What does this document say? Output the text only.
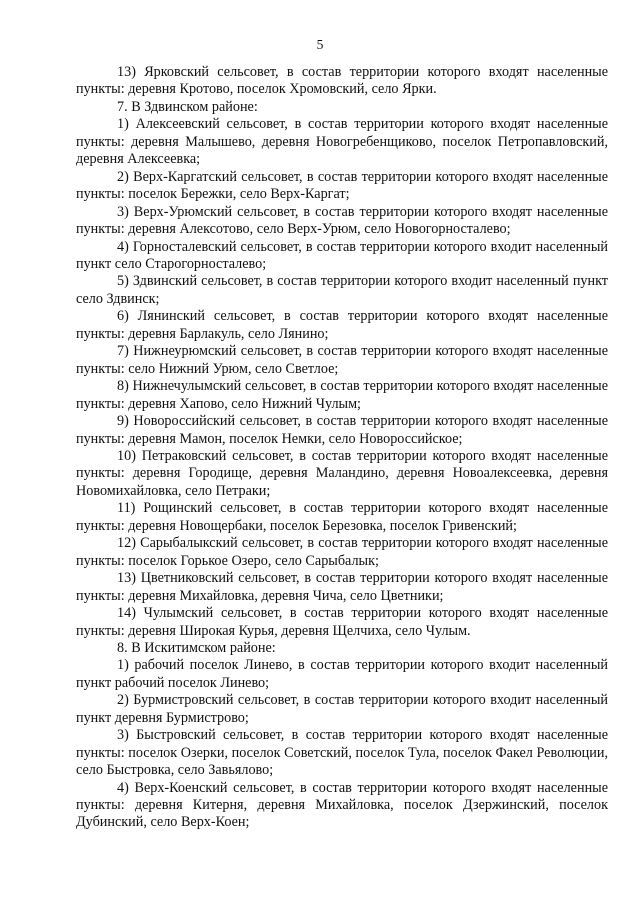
5

13) Ярковский сельсовет, в состав территории которого входят населенные пункты: деревня Кротово, поселок Хромовский, село Ярки.

7. В Здвинском районе:

1) Алексеевский сельсовет, в состав территории которого входят населенные пункты: деревня Малышево, деревня Новогребенщиково, поселок Петропавловский, деревня Алексеевка;

2) Верх-Каргатский сельсовет, в состав территории которого входят населенные пункты: поселок Бережки, село Верх-Каргат;

3) Верх-Урюмский сельсовет, в состав территории которого входят населенные пункты: деревня Алексотово, село Верх-Урюм, село Новогорносталево;

4) Горносталевский сельсовет, в состав территории которого входит населенный пункт село Старогорносталево;

5) Здвинский сельсовет, в состав территории которого входит населенный пункт село Здвинск;

6) Лянинский сельсовет, в состав территории которого входят населенные пункты: деревня Барлакуль, село Лянино;

7) Нижнеурюмский сельсовет, в состав территории которого входят населенные пункты: село Нижний Урюм, село Светлое;

8) Нижнечулымский сельсовет, в состав территории которого входят населенные пункты: деревня Хапово, село Нижний Чулым;

9) Новороссийский сельсовет, в состав территории которого входят населенные пункты: деревня Мамон, поселок Немки, село Новороссийское;

10) Петраковский сельсовет, в состав территории которого входят населенные пункты: деревня Городище, деревня Маландино, деревня Новоалексеевка, деревня Новомихайловка, село Петраки;

11) Рощинский сельсовет, в состав территории которого входят населенные пункты: деревня Новощербаки, поселок Березовка, поселок Гривенский;

12) Сарыбалыкский сельсовет, в состав территории которого входят населенные пункты: поселок Горькое Озеро, село Сарыбалык;

13) Цветниковский сельсовет, в состав территории которого входят населенные пункты: деревня Михайловка, деревня Чича, село Цветники;

14) Чулымский сельсовет, в состав территории которого входят населенные пункты: деревня Широкая Курья, деревня Щелчиха, село Чулым.

8. В Искитимском районе:

1) рабочий поселок Линево, в состав территории которого входит населенный пункт рабочий поселок Линево;

2) Бурмистровский сельсовет, в состав территории которого входит населенный пункт деревня Бурмистрово;

3) Быстровский сельсовет, в состав территории которого входят населенные пункты: поселок Озерки, поселок Советский, поселок Тула, поселок Факел Революции, село Быстровка, село Завьялово;

4) Верх-Коенский сельсовет, в состав территории которого входят населенные пункты: деревня Китерня, деревня Михайловка, поселок Дзержинский, поселок Дубинский, село Верх-Коен;
